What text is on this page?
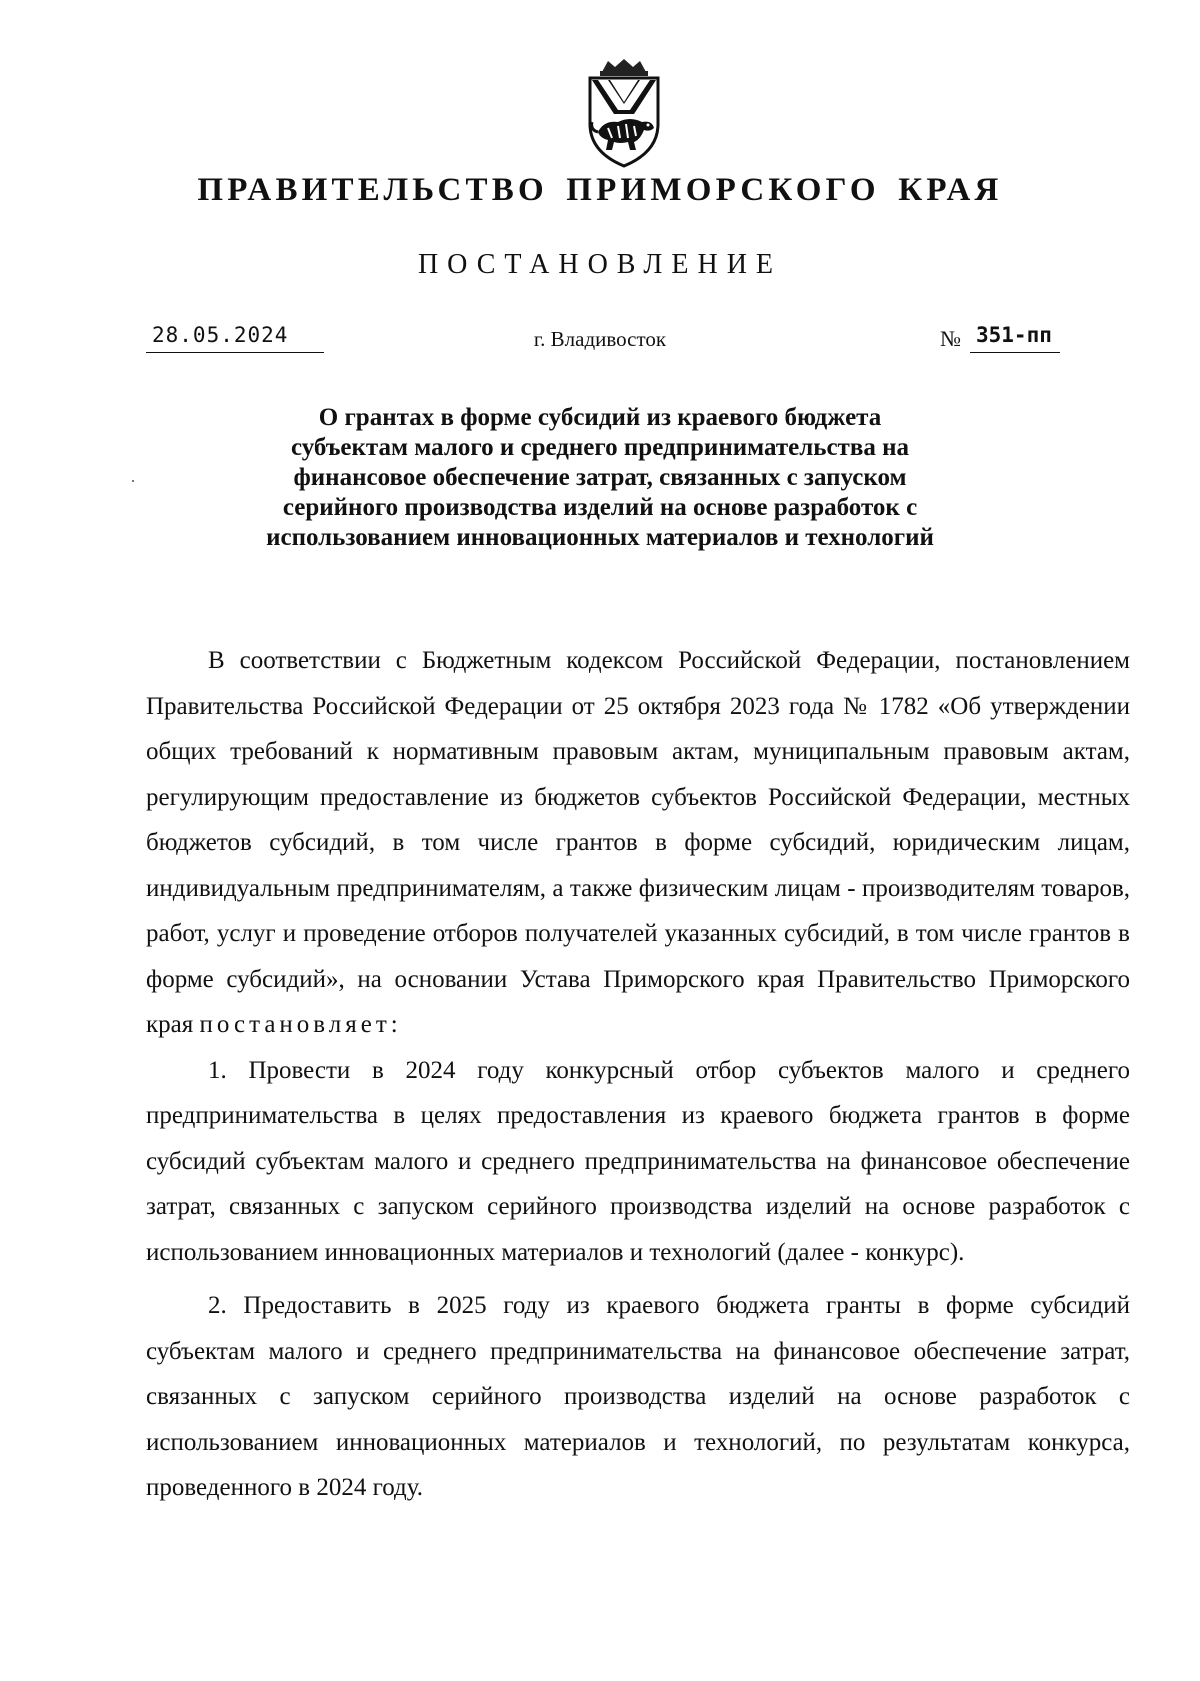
ПРАВИТЕЛЬСТВО ПРИМОРСКОГО КРАЯ
ПОСТАНОВЛЕНИЕ
28.05.2024	г. Владивосток	№ 351-пп
О грантах в форме субсидий из краевого бюджета
субъектам малого и среднего предпринимательства на
финансовое обеспечение затрат, связанных с запуском
серийного производства изделий на основе разработок с
использованием инновационных материалов и технологий

В соответствии с Бюджетным кодексом Российской Федерации, постановлением Правительства Российской Федерации от 25 октября 2023 года № 1782 «Об утверждении общих требований к нормативным правовым актам, муниципальным правовым актам, регулирующим предоставление из бюджетов субъектов Российской Федерации, местных бюджетов субсидий, в том числе грантов в форме субсидий, юридическим лицам, индивидуальным предпринимателям, а также физическим лицам - производителям товаров, работ, услуг и проведение отборов получателей указанных субсидий, в том числе грантов в форме субсидий», на основании Устава Приморского края Правительство Приморского края постановляет:

1. Провести в 2024 году конкурсный отбор субъектов малого и среднего предпринимательства в целях предоставления из краевого бюджета грантов в форме субсидий субъектам малого и среднего предпринимательства на финансовое обеспечение затрат, связанных с запуском серийного производства изделий на основе разработок с использованием инновационных материалов и технологий (далее - конкурс).

2. Предоставить в 2025 году из краевого бюджета гранты в форме субсидий субъектам малого и среднего предпринимательства на финансовое обеспечение затрат, связанных с запуском серийного производства изделий на основе разработок с использованием инновационных материалов и технологий, по результатам конкурса, проведенного в 2024 году.
